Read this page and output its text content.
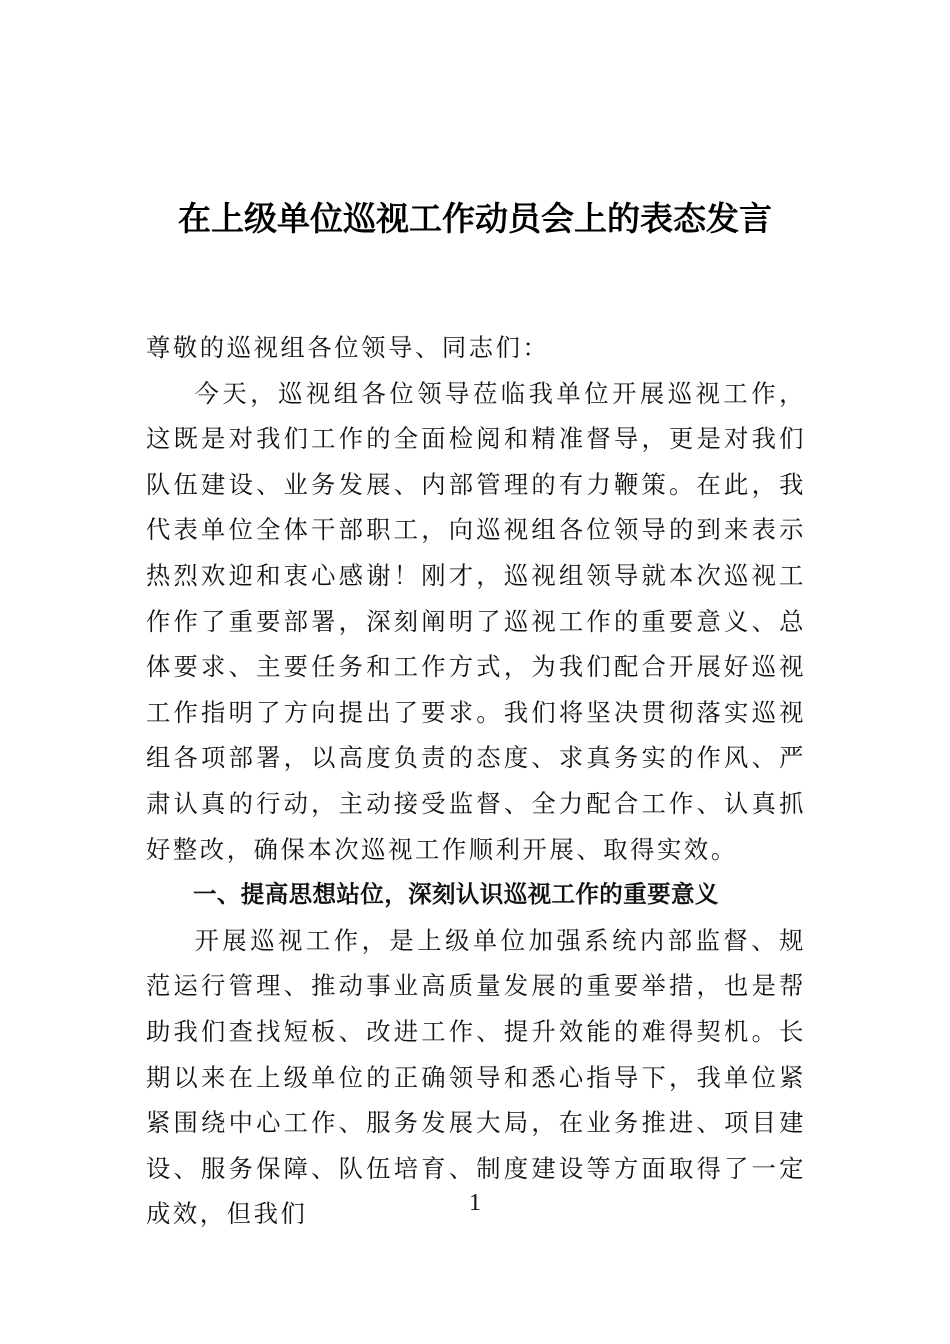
在上级单位巡视工作动员会上的表态发言

尊敬的巡视组各位领导、同志们：

今天，巡视组各位领导莅临我单位开展巡视工作，这既是对我们工作的全面检阅和精准督导，更是对我们队伍建设、业务发展、内部管理的有力鞭策。在此，我代表单位全体干部职工，向巡视组各位领导的到来表示热烈欢迎和衷心感谢！刚才，巡视组领导就本次巡视工作作了重要部署，深刻阐明了巡视工作的重要意义、总体要求、主要任务和工作方式，为我们配合开展好巡视工作指明了方向提出了要求。我们将坚决贯彻落实巡视组各项部署，以高度负责的态度、求真务实的作风、严肃认真的行动，主动接受监督、全力配合工作、认真抓好整改，确保本次巡视工作顺利开展、取得实效。

一、提高思想站位，深刻认识巡视工作的重要意义

开展巡视工作，是上级单位加强系统内部监督、规范运行管理、推动事业高质量发展的重要举措，也是帮助我们查找短板、改进工作、提升效能的难得契机。长期以来在上级单位的正确领导和悉心指导下，我单位紧紧围绕中心工作、服务发展大局，在业务推进、项目建设、服务保障、队伍培育、制度建设等方面取得了一定成效，但我们	1
